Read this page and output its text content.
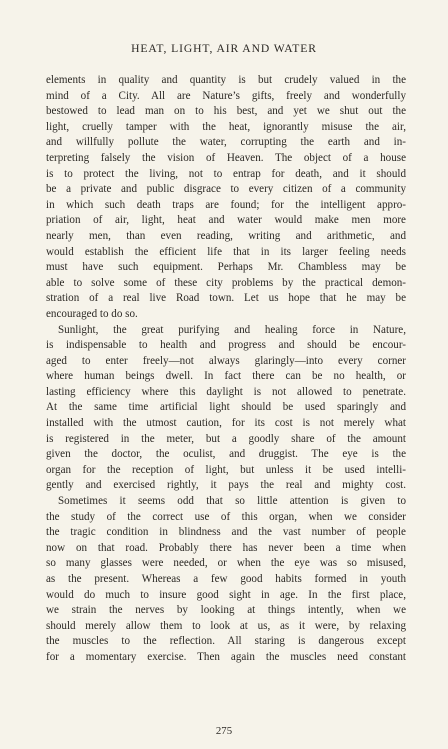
HEAT, LIGHT, AIR AND WATER
elements in quality and quantity is but crudely valued in the
mind of a City. All are Nature’s gifts, freely and wonderfully
bestowed to lead man on to his best, and yet we shut out the
light, cruelly tamper with the heat, ignorantly misuse the air,
and willfully pollute the water, corrupting the earth and in-
terpreting falsely the vision of Heaven. The object of a house
is to protect the living, not to entrap for death, and it should
be a private and public disgrace to every citizen of a community
in which such death traps are found; for the intelligent appro-
priation of air, light, heat and water would make men more
nearly men, than even reading, writing and arithmetic, and
would establish the efficient life that in its larger feeling needs
must have such equipment. Perhaps Mr. Chambless may be
able to solve some of these city problems by the practical demon-
stration of a real live Road town. Let us hope that he may be
encouraged to do so.
Sunlight, the great purifying and healing force in Nature,
is indispensable to health and progress and should be encour-
aged to enter freely—not always glaringly—into every corner
where human beings dwell. In fact there can be no health, or
lasting efficiency where this daylight is not allowed to penetrate.
At the same time artificial light should be used sparingly and
installed with the utmost caution, for its cost is not merely what
is registered in the meter, but a goodly share of the amount
given the doctor, the oculist, and druggist. The eye is the
organ for the reception of light, but unless it be used intelli-
gently and exercised rightly, it pays the real and mighty cost.
Sometimes it seems odd that so little attention is given to
the study of the correct use of this organ, when we consider
the tragic condition in blindness and the vast number of people
now on that road. Probably there has never been a time when
so many glasses were needed, or when the eye was so misused,
as the present. Whereas a few good habits formed in youth
would do much to insure good sight in age. In the first place,
we strain the nerves by looking at things intently, when we
should merely allow them to look at us, as it were, by relaxing
the muscles to the reflection. All staring is dangerous except
for a momentary exercise. Then again the muscles need constant
275
